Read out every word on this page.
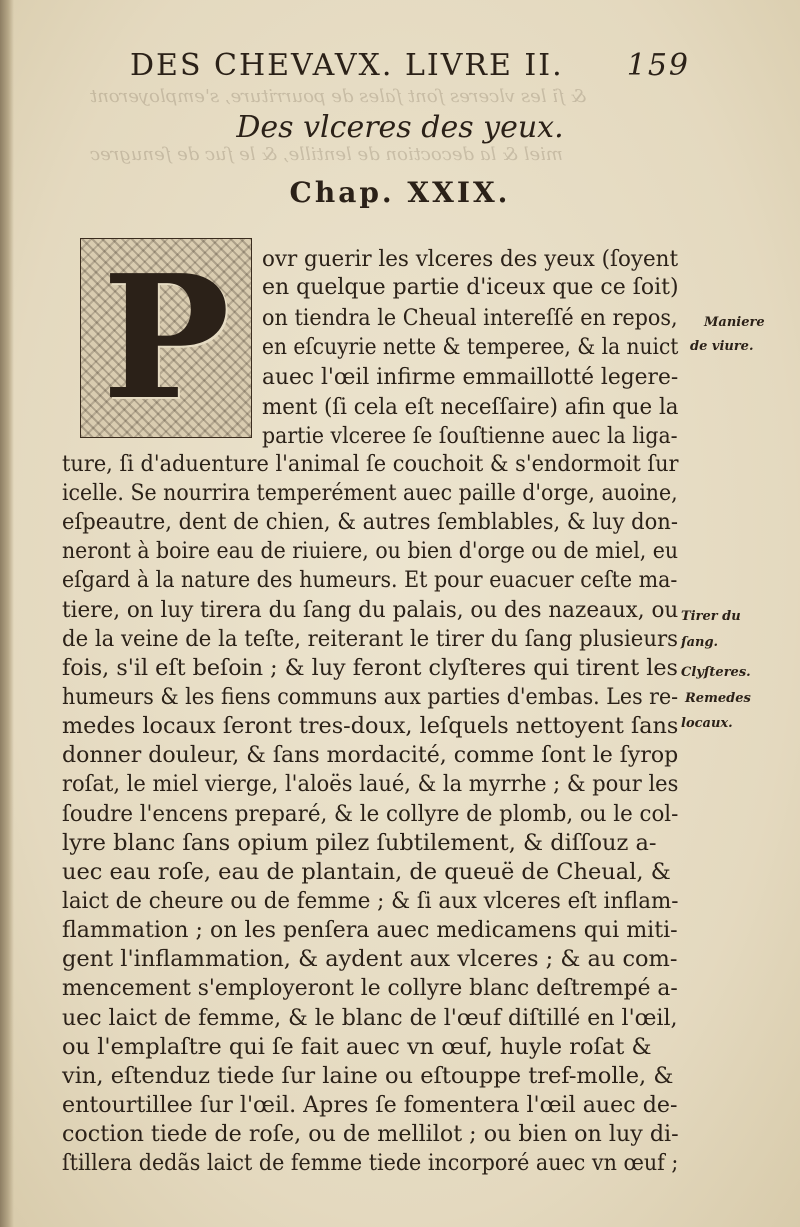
& ſi les vlceres ſont ſales de pourriture, s'employeront
miel & la decoction de lentille, & le ſuc de ſenugrec
DES CHEVAVX. LIVRE II. 159
Des vlceres des yeux.
Chap. XXIX.
P	ovr guerir les vlceres des yeux (ſoyent
en quelque partie d'iceux que ce ſoit)
on tiendra le Cheual intereſſé en repos,
en eſcuyrie nette & temperee, & la nuict
auec l'œil infirme emmaillotté legere-
ment (ſi cela eſt neceſſaire) afin que la
partie vlceree ſe ſouſtienne auec la liga-
ture, ſi d'aduenture l'animal ſe couchoit & s'endormoit ſur
icelle. Se nourrira temperément auec paille d'orge, auoine,
eſpeautre, dent de chien, & autres ſemblables, & luy don-
neront à boire eau de riuiere, ou bien d'orge ou de miel, eu
eſgard à la nature des humeurs. Et pour euacuer ceſte ma-
tiere, on luy tirera du ſang du palais, ou des nazeaux, ou
de la veine de la teſte, reiterant le tirer du ſang plusieurs
fois, s'il eſt beſoin ; & luy feront clyſteres qui tirent les
humeurs & les fiens communs aux parties d'embas. Les re-
medes locaux ſeront tres-doux, leſquels nettoyent ſans
donner douleur, & ſans mordacité, comme ſont le ſyrop
roſat, le miel vierge, l'aloës laué, & la myrrhe ; & pour les
ſoudre l'encens preparé, & le collyre de plomb, ou le col-
lyre blanc ſans opium pilez ſubtilement, & diſſouz a-
uec eau roſe, eau de plantain, de queuë de Cheual, &
laict de cheure ou de femme ; & ſi aux vlceres eſt inflam-
flammation ; on les penſera auec medicamens qui miti-
gent l'inflammation, & aydent aux vlceres ; & au com-
mencement s'employeront le collyre blanc deſtrempé a-
uec laict de femme, & le blanc de l'œuf diſtillé en l'œil,
ou l'emplaſtre qui ſe fait auec vn œuf, huyle roſat &
vin, eſtenduz tiede ſur laine ou eſtouppe tref-molle, &
entourtillee ſur l'œil. Apres ſe fomentera l'œil auec de-
coction tiede de roſe, ou de mellilot ; ou bien on luy di-
ſtillera dedãs laict de femme tiede incorporé auec vn œuf ;
Maniere
de viure.
Tirer du
ſang.
Clyſteres.
Remedes
locaux.
